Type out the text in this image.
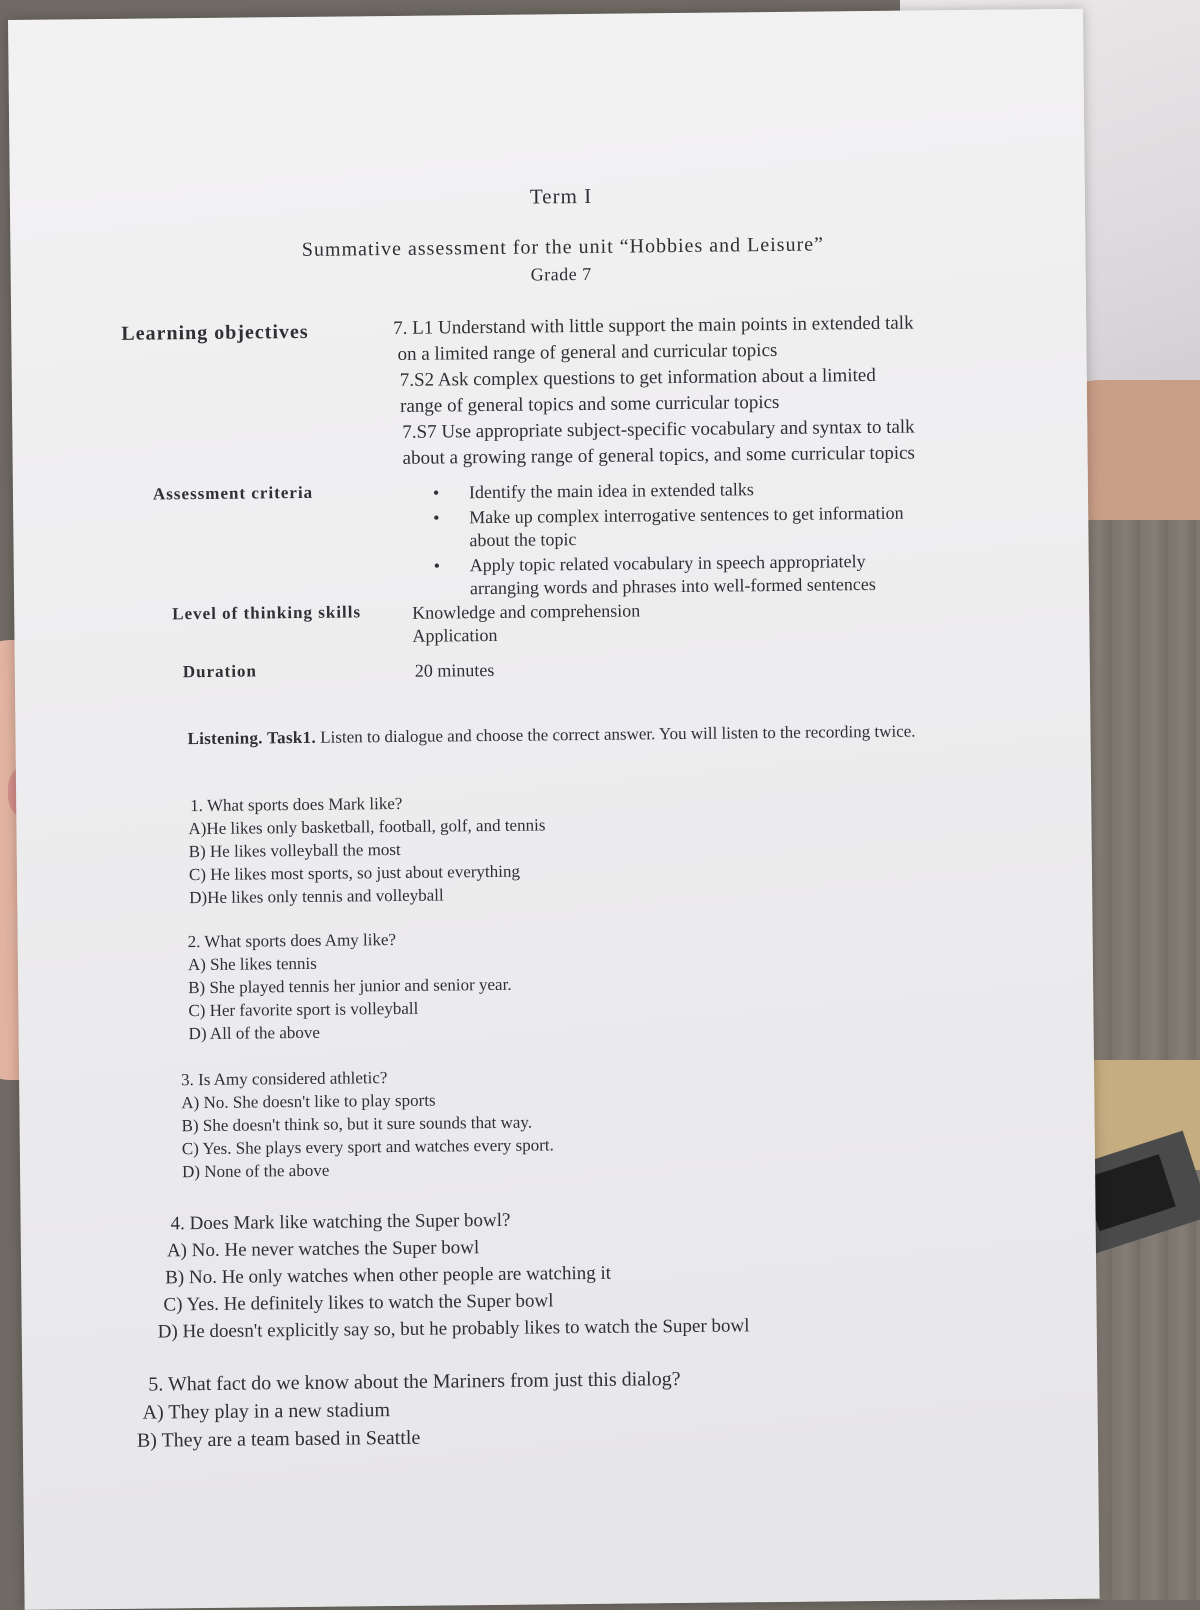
Term I
Summative assessment for the unit “Hobbies and Leisure”
Grade 7
Learning objectives	7. L1 Understand with little support the main points in extended talk
on a limited range of general and curricular topics
7.S2 Ask complex questions to get information about a limited
range of general topics and some curricular topics
7.S7 Use appropriate subject-specific vocabulary and syntax to talk
about a growing range of general topics, and some curricular topics
Assessment criteria
•	Identify the main idea in extended talks
• Make up complex interrogative sentences to get information
about the topic
• Apply topic related vocabulary in speech appropriately
arranging words and phrases into well-formed sentences
Level of thinking skills	Knowledge and comprehension
Application
Duration	20 minutes
Listening. Task1. Listen to dialogue and choose the correct answer. You will listen to the recording twice.
1. What sports does Mark like?
A)He likes only basketball, football, golf, and tennis
B) He likes volleyball the most
C) He likes most sports, so just about everything
D)He likes only tennis and volleyball
2. What sports does Amy like?
A) She likes tennis
B) She played tennis her junior and senior year.
C) Her favorite sport is volleyball
D) All of the above
3. Is Amy considered athletic?
A) No. She doesn't like to play sports
B) She doesn't think so, but it sure sounds that way.
C) Yes. She plays every sport and watches every sport.
D) None of the above
4. Does Mark like watching the Super bowl?
A) No. He never watches the Super bowl
B) No. He only watches when other people are watching it
C) Yes. He definitely likes to watch the Super bowl
D) He doesn't explicitly say so, but he probably likes to watch the Super bowl
5. What fact do we know about the Mariners from just this dialog?
A) They play in a new stadium
B) They are a team based in Seattle
